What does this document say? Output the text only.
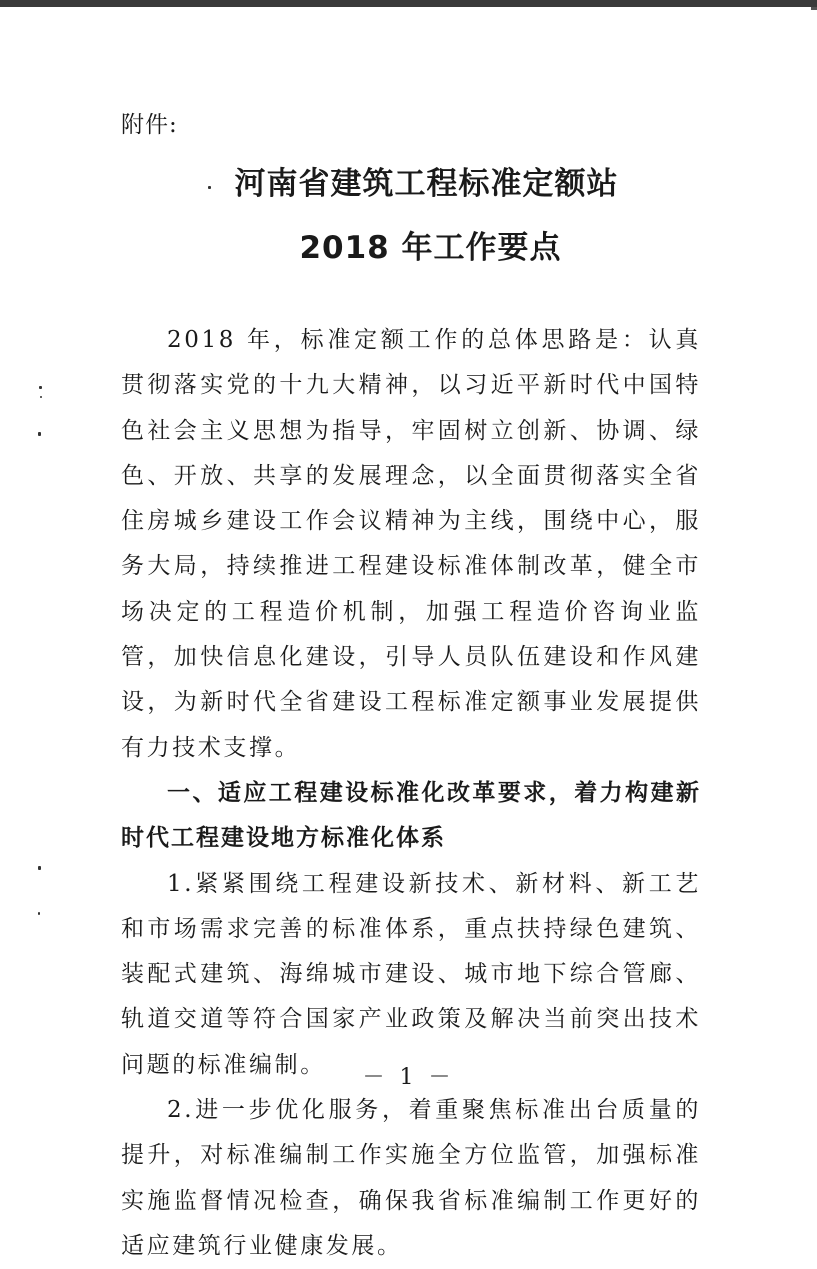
附件:
河南省建筑工程标准定额站
2018 年工作要点

2018 年，标准定额工作的总体思路是：认真贯彻落实党的十九大精神，以习近平新时代中国特色社会主义思想为指导，牢固树立创新、协调、绿色、开放、共享的发展理念，以全面贯彻落实全省住房城乡建设工作会议精神为主线，围绕中心，服务大局，持续推进工程建设标准体制改革，健全市场决定的工程造价机制，加强工程造价咨询业监管，加快信息化建设，引导人员队伍建设和作风建设，为新时代全省建设工程标准定额事业发展提供有力技术支撑。

一、适应工程建设标准化改革要求，着力构建新时代工程建设地方标准化体系

1.紧紧围绕工程建设新技术、新材料、新工艺和市场需求完善的标准体系，重点扶持绿色建筑、装配式建筑、海绵城市建设、城市地下综合管廊、轨道交道等符合国家产业政策及解决当前突出技术问题的标准编制。

2.进一步优化服务，着重聚焦标准出台质量的提升，对标准编制工作实施全方位监管，加强标准实施监督情况检查，确保我省标准编制工作更好的适应建筑行业健康发展。

－ 1 －
